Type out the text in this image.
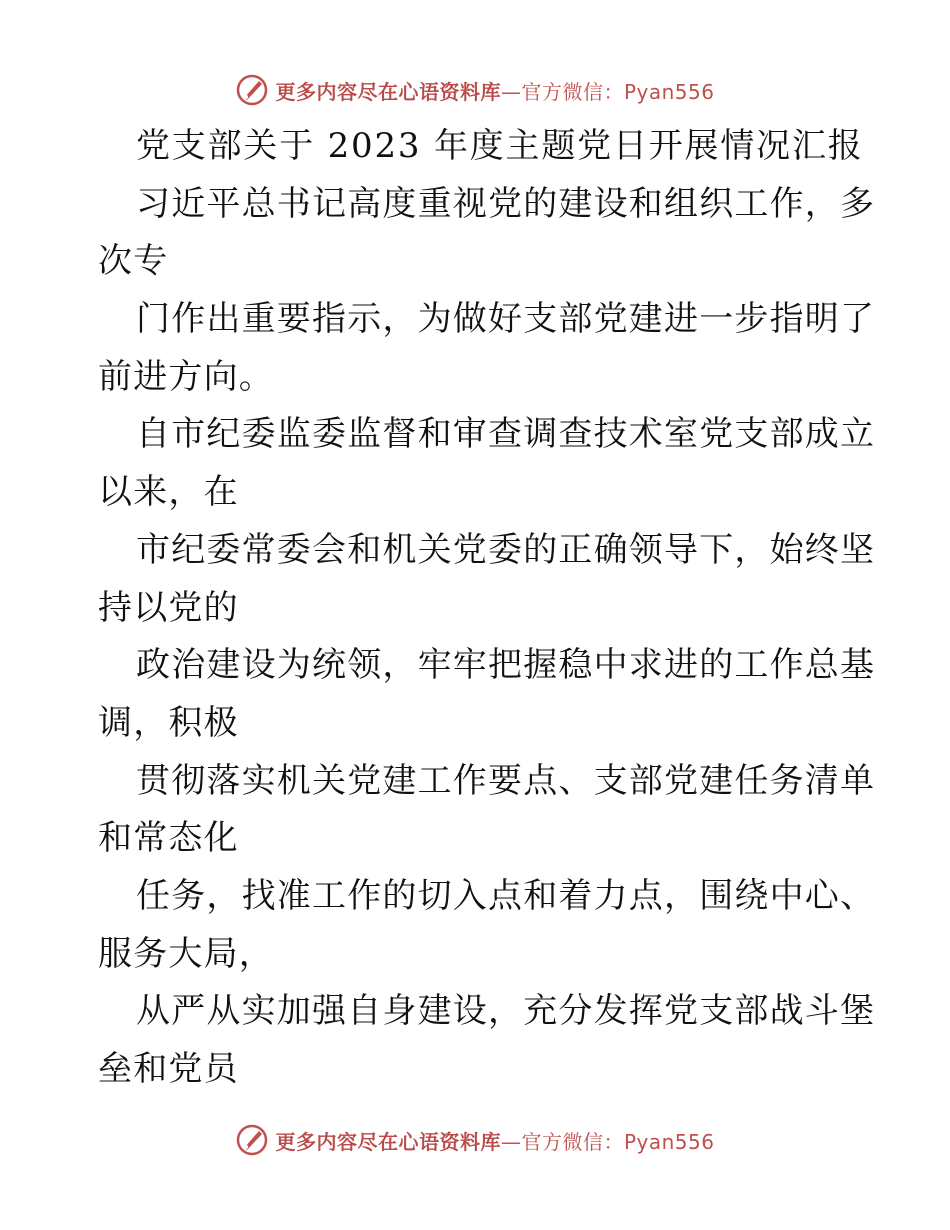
更多内容尽在心语资料库—官方微信：Pyan556
党支部关于 2023 年度主题党日开展情况汇报
习近平总书记高度重视党的建设和组织工作，多
次专
门作出重要指示，为做好支部党建进一步指明了
前进方向。
自市纪委监委监督和审查调查技术室党支部成立
以来，在
市纪委常委会和机关党委的正确领导下，始终坚
持以党的
政治建设为统领，牢牢把握稳中求进的工作总基
调，积极
贯彻落实机关党建工作要点、支部党建任务清单
和常态化
任务，找准工作的切入点和着力点，围绕中心、
服务大局，
从严从实加强自身建设，充分发挥党支部战斗堡
垒和党员
更多内容尽在心语资料库—官方微信：Pyan556
